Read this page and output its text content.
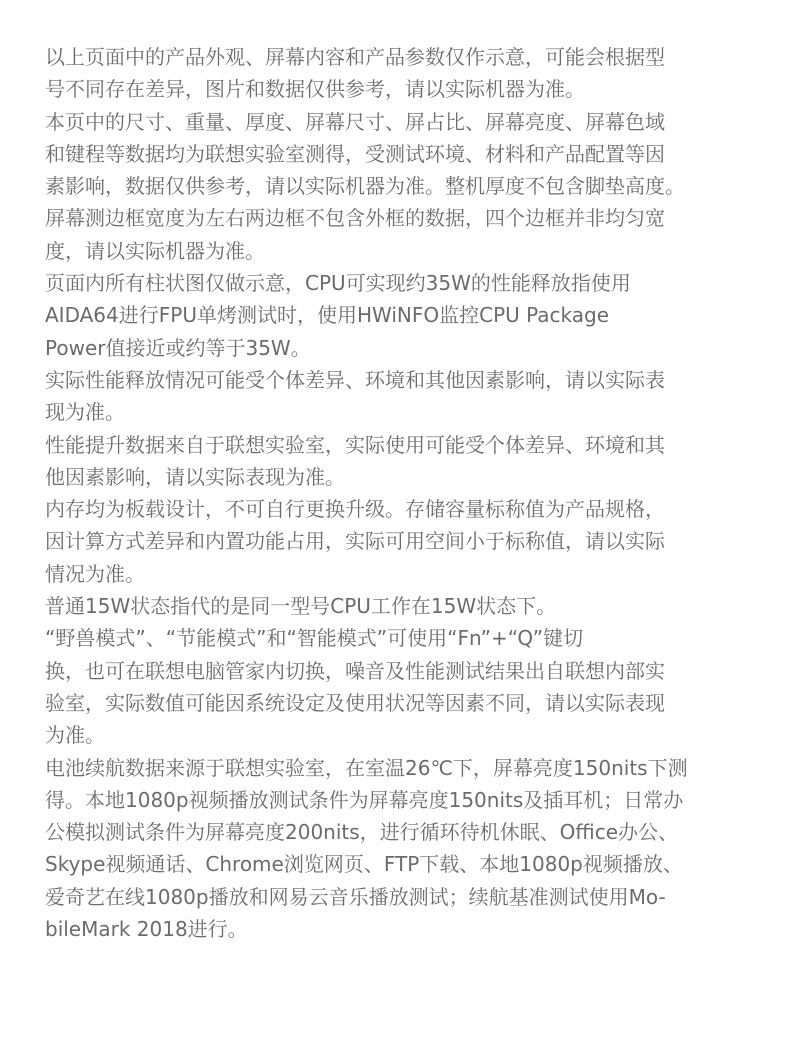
以上页面中的产品外观、屏幕内容和产品参数仅作示意，可能会根据型
号不同存在差异，图片和数据仅供参考，请以实际机器为准。
本页中的尺寸、重量、厚度、屏幕尺寸、屏占比、屏幕亮度、屏幕色域
和键程等数据均为联想实验室测得，受测试环境、材料和产品配置等因
素影响，数据仅供参考，请以实际机器为准。整机厚度不包含脚垫高度。
屏幕测边框宽度为左右两边框不包含外框的数据，四个边框并非均匀宽
度，请以实际机器为准。
页面内所有柱状图仅做示意，CPU可实现约35W的性能释放指使用
AIDA64进行FPU单烤测试时，使用HWiNFO监控CPU Package
Power值接近或约等于35W。
实际性能释放情况可能受个体差异、环境和其他因素影响，请以实际表
现为准。
性能提升数据来自于联想实验室，实际使用可能受个体差异、环境和其
他因素影响，请以实际表现为准。
内存均为板载设计，不可自行更换升级。存储容量标称值为产品规格，
因计算方式差异和内置功能占用，实际可用空间小于标称值，请以实际
情况为准。
普通15W状态指代的是同一型号CPU工作在15W状态下。
“野兽模式”、“节能模式”和“智能模式”可使用“Fn”+“Q”键切
换，也可在联想电脑管家内切换，噪音及性能测试结果出自联想内部实
验室，实际数值可能因系统设定及使用状况等因素不同，请以实际表现
为准。
电池续航数据来源于联想实验室，在室温26℃下，屏幕亮度150nits下测
得。本地1080p视频播放测试条件为屏幕亮度150nits及插耳机；日常办
公模拟测试条件为屏幕亮度200nits，进行循环待机休眠、Office办公、
Skype视频通话、Chrome浏览网页、FTP下载、本地1080p视频播放、
爱奇艺在线1080p播放和网易云音乐播放测试；续航基准测试使用Mo-
bileMark 2018进行。
